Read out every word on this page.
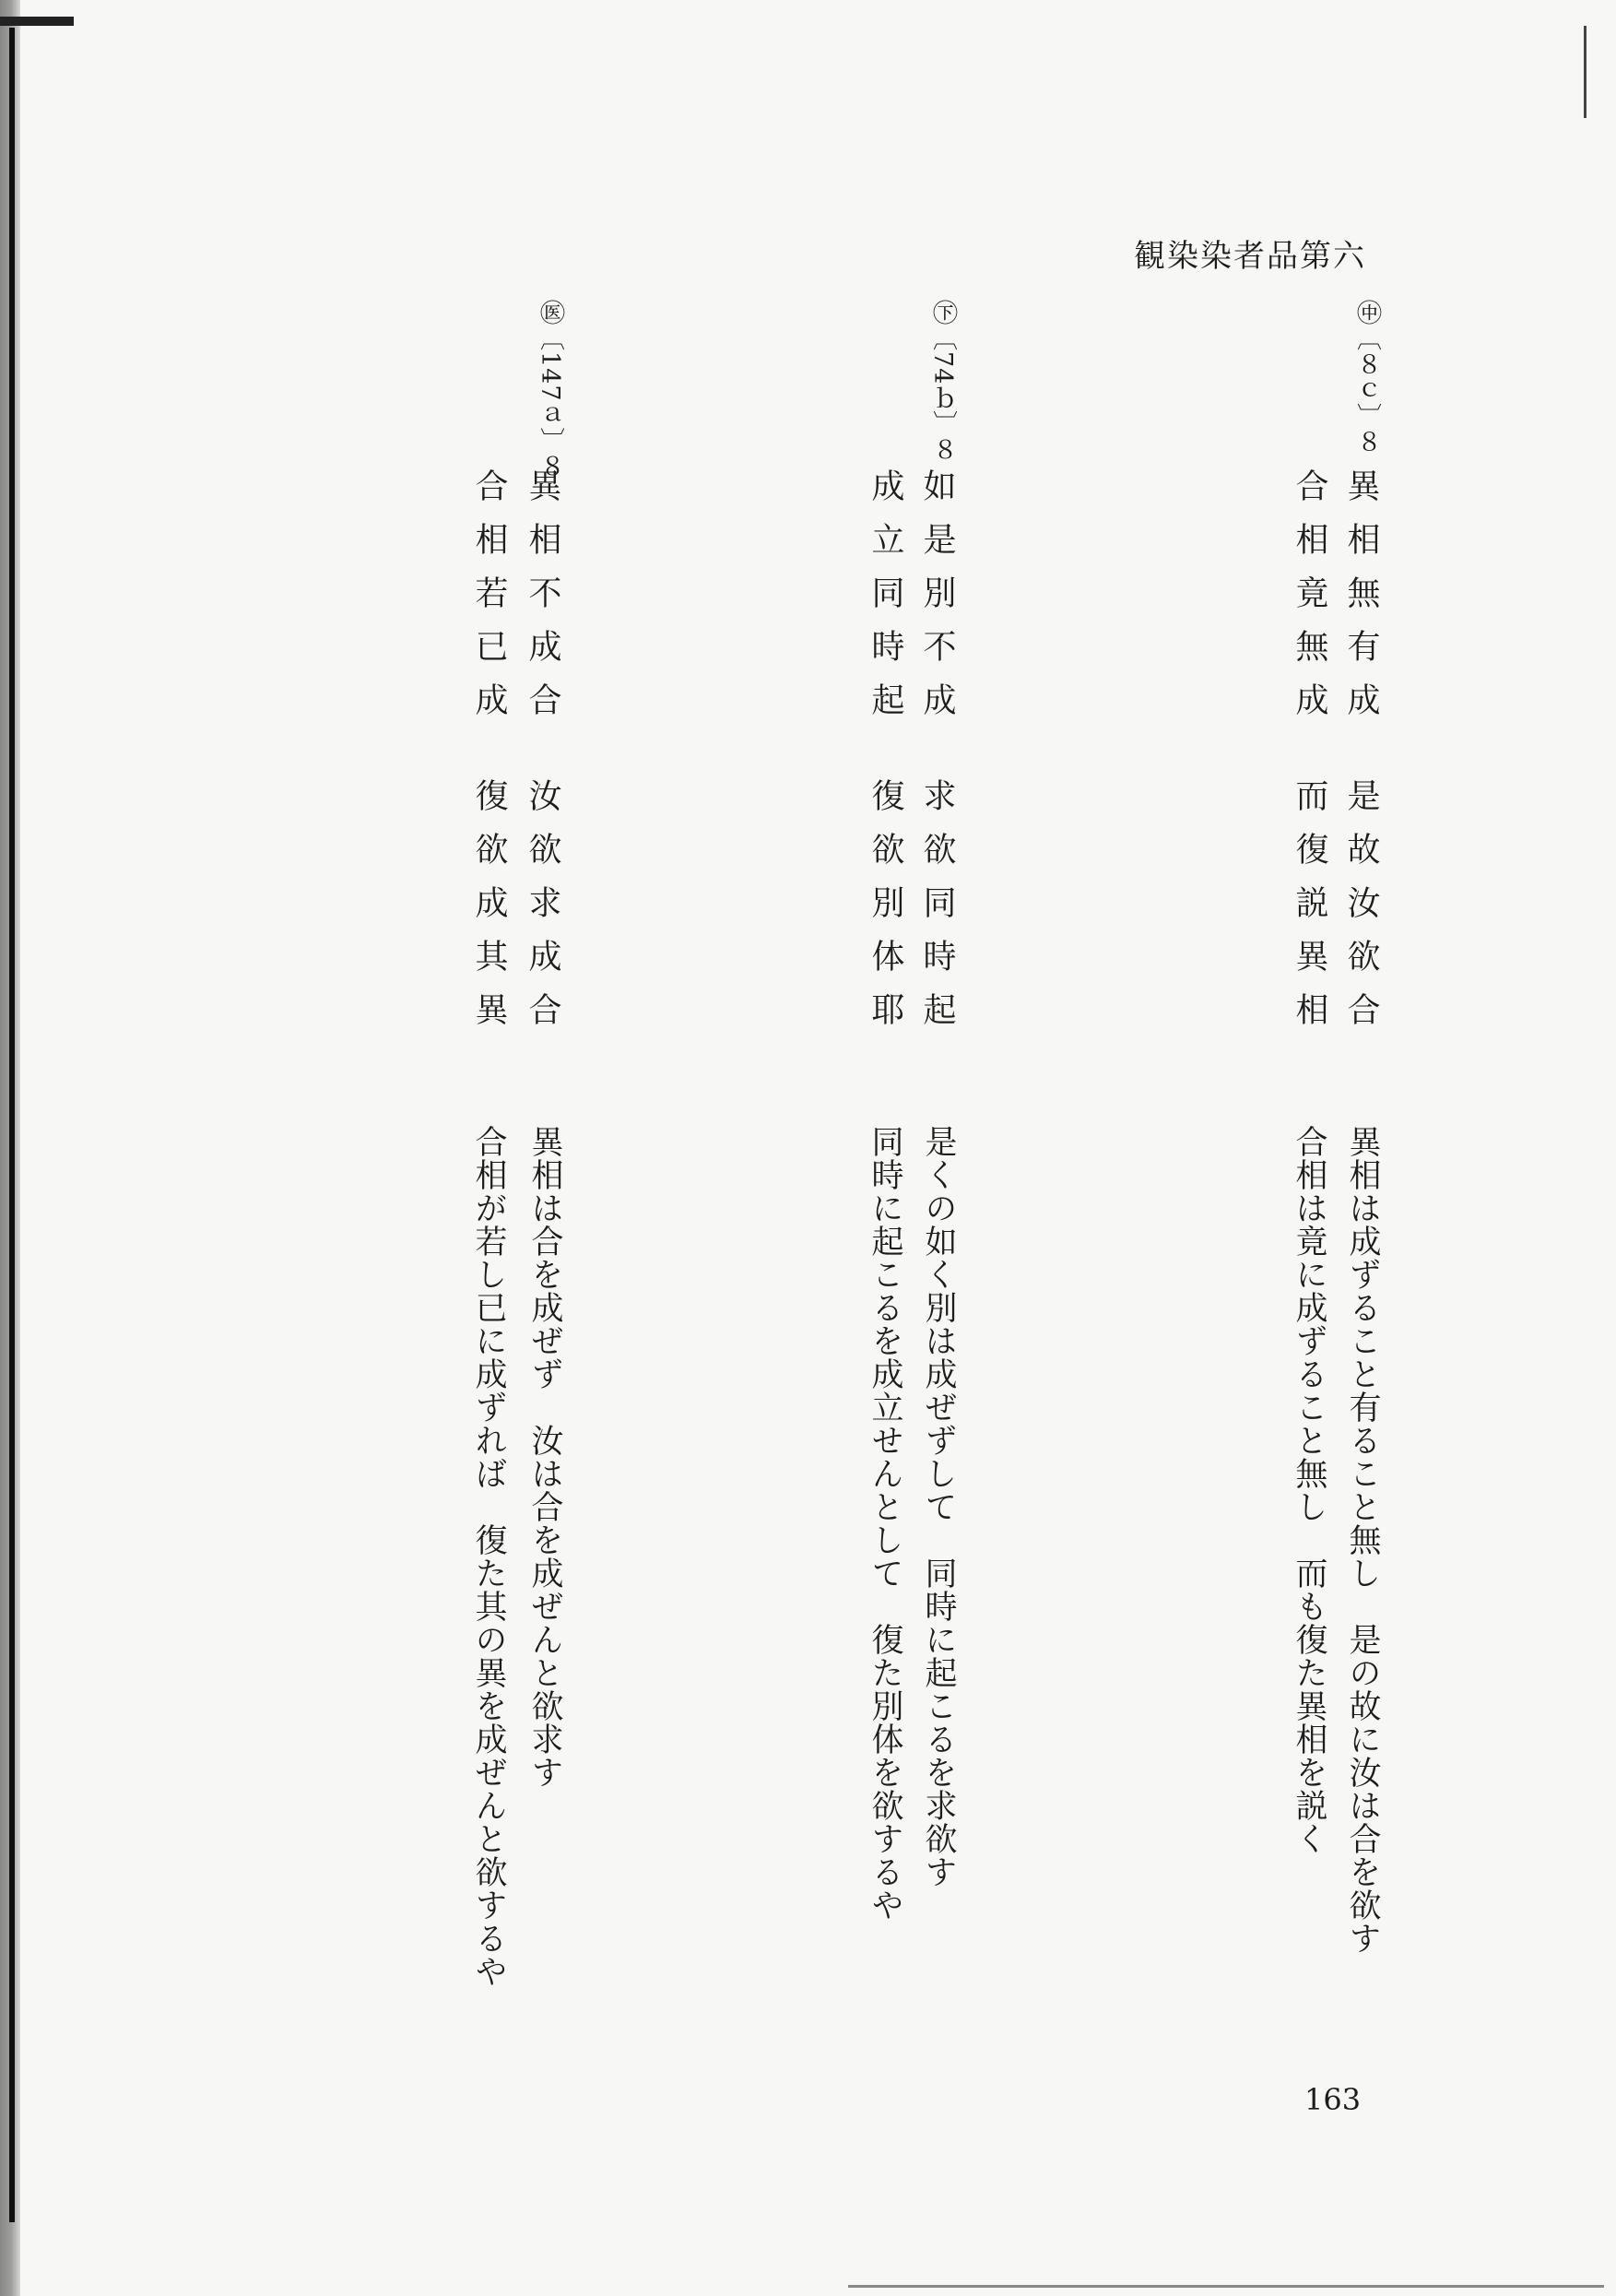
観染染者品第六
㊥〔８ｃ〕８
異相無有成
合相竟無成
是故汝欲合
而復説異相
異相は成ずること有ること無し　是の故に汝は合を欲す
合相は竟に成ずること無し　而も復た異相を説く
㊦〔74ｂ〕８
如是別不成
成立同時起
求欲同時起
復欲別体耶
是くの如く別は成ぜずして　同時に起こるを求欲す
同時に起こるを成立せんとして　復た別体を欲するや
㊩〔147ａ〕８
異相不成合
合相若已成
汝欲求成合
復欲成其異
異相は合を成ぜず　汝は合を成ぜんと欲求す
合相が若し已に成ずれば　復た其の異を成ぜんと欲するや
163
